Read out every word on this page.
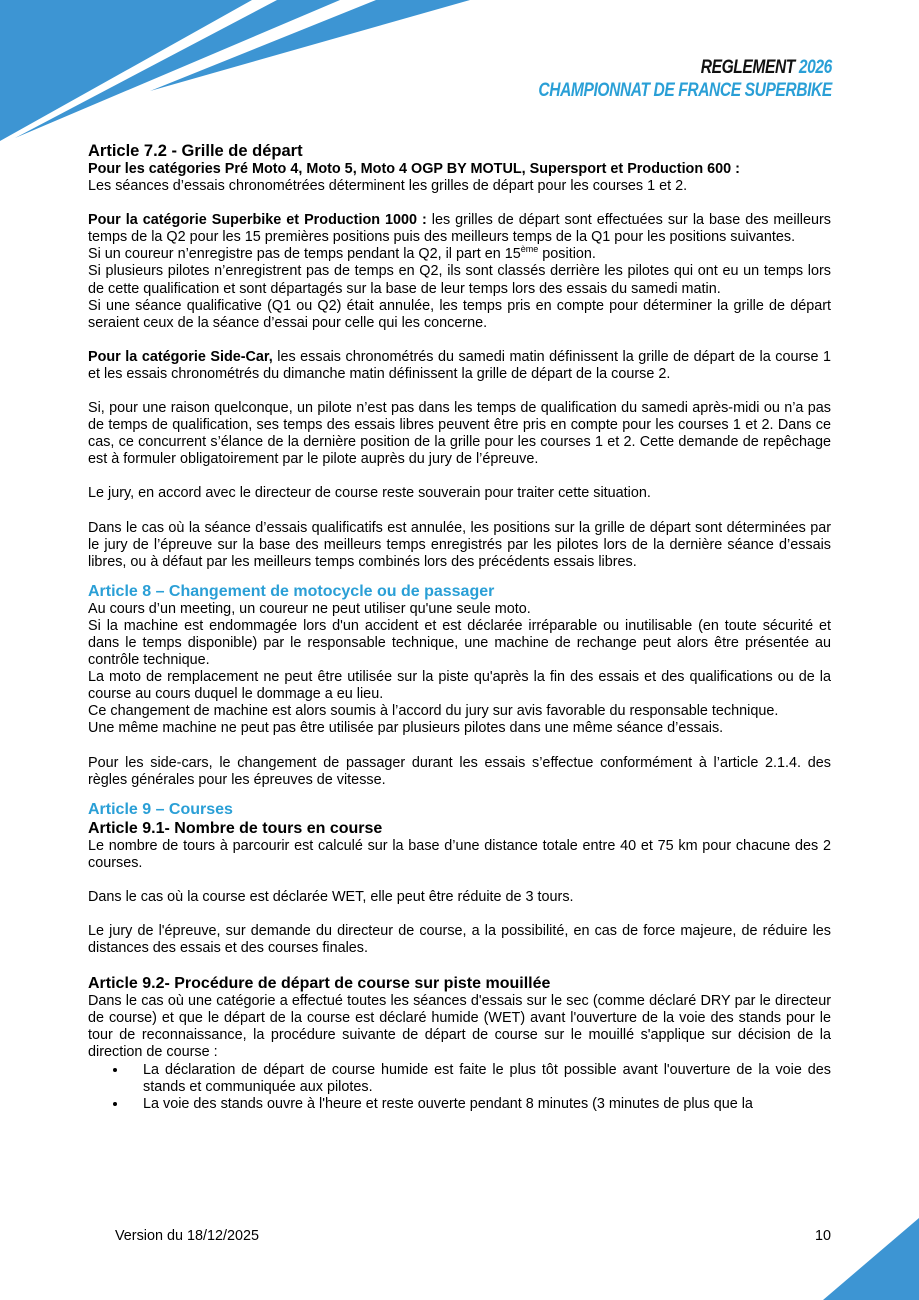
REGLEMENT 2026
CHAMPIONNAT DE FRANCE SUPERBIKE
Article 7.2 - Grille de départ

Pour les catégories Pré Moto 4, Moto 5, Moto 4 OGP BY MOTUL, Supersport et Production 600 :

Les séances d’essais chronométrées déterminent les grilles de départ pour les courses 1 et 2.

Pour la catégorie Superbike et Production 1000 : les grilles de départ sont effectuées sur la base des meilleurs temps de la Q2 pour les 15 premières positions puis des meilleurs temps de la Q1 pour les positions suivantes.

Si un coureur n’enregistre pas de temps pendant la Q2, il part en 15ème position.

Si plusieurs pilotes n’enregistrent pas de temps en Q2, ils sont classés derrière les pilotes qui ont eu un temps lors de cette qualification et sont départagés sur la base de leur temps lors des essais du samedi matin.

Si une séance qualificative (Q1 ou Q2) était annulée, les temps pris en compte pour déterminer la grille de départ seraient ceux de la séance d’essai pour celle qui les concerne.

Pour la catégorie Side-Car, les essais chronométrés du samedi matin définissent la grille de départ de la course 1 et les essais chronométrés du dimanche matin définissent la grille de départ de la course 2.

Si, pour une raison quelconque, un pilote n’est pas dans les temps de qualification du samedi après-midi ou n’a pas de temps de qualification, ses temps des essais libres peuvent être pris en compte pour les courses 1 et 2. Dans ce cas, ce concurrent s’élance de la dernière position de la grille pour les courses 1 et 2. Cette demande de repêchage est à formuler obligatoirement par le pilote auprès du jury de l’épreuve.

Le jury, en accord avec le directeur de course reste souverain pour traiter cette situation.

Dans le cas où la séance d’essais qualificatifs est annulée, les positions sur la grille de départ sont déterminées par le jury de l’épreuve sur la base des meilleurs temps enregistrés par les pilotes lors de la dernière séance d’essais libres, ou à défaut par les meilleurs temps combinés lors des précédents essais libres.

Article 8 – Changement de motocycle ou de passager

Au cours d’un meeting, un coureur ne peut utiliser qu'une seule moto.

Si la machine est endommagée lors d'un accident et est déclarée irréparable ou inutilisable (en toute sécurité et dans le temps disponible) par le responsable technique, une machine de rechange peut alors être présentée au contrôle technique.

La moto de remplacement ne peut être utilisée sur la piste qu'après la fin des essais et des qualifications ou de la course au cours duquel le dommage a eu lieu.

Ce changement de machine est alors soumis à l’accord du jury sur avis favorable du responsable technique.

Une même machine ne peut pas être utilisée par plusieurs pilotes dans une même séance d’essais.

Pour les side-cars, le changement de passager durant les essais s’effectue conformément à l’article 2.1.4. des règles générales pour les épreuves de vitesse.

Article 9 – Courses
Article 9.1- Nombre de tours en course

Le nombre de tours à parcourir est calculé sur la base d’une distance totale entre 40 et 75 km pour chacune des 2 courses.

Dans le cas où la course est déclarée WET, elle peut être réduite de 3 tours.

Le jury de l'épreuve, sur demande du directeur de course, a la possibilité, en cas de force majeure, de réduire les distances des essais et des courses finales.

Article 9.2- Procédure de départ de course sur piste mouillée

Dans le cas où une catégorie a effectué toutes les séances d'essais sur le sec (comme déclaré DRY par le directeur de course) et que le départ de la course est déclaré humide (WET) avant l'ouverture de la voie des stands pour le tour de reconnaissance, la procédure suivante de départ de course sur le mouillé s'applique sur décision de la direction de course :

• La déclaration de départ de course humide est faite le plus tôt possible avant l'ouverture de la voie des stands et communiquée aux pilotes.
• La voie des stands ouvre à l'heure et reste ouverte pendant 8 minutes (3 minutes de plus que la
Version du 18/12/2025	10
